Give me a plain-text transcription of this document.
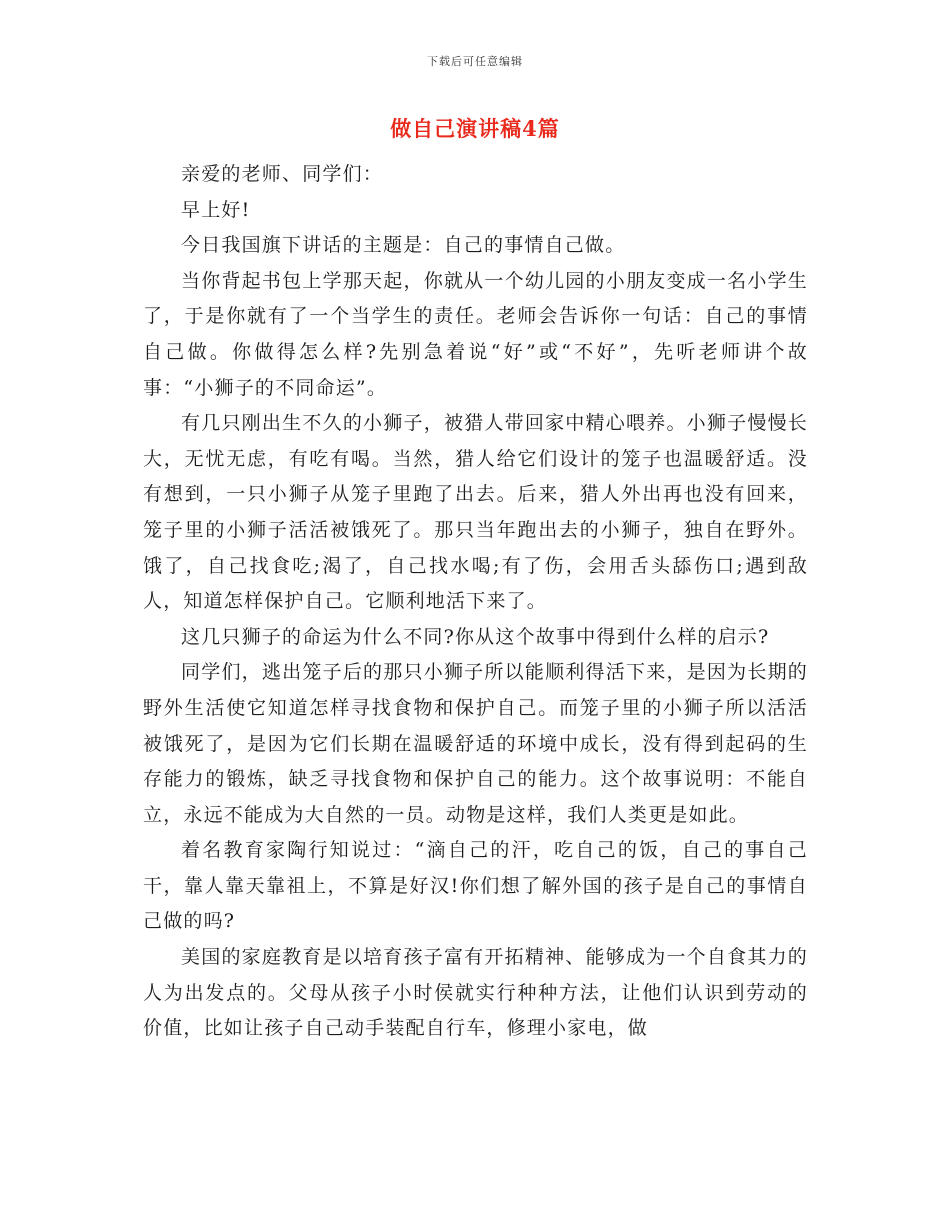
下载后可任意编辑
做自己演讲稿4篇

亲爱的老师、同学们：

早上好!

今日我国旗下讲话的主题是：自己的事情自己做。

当你背起书包上学那天起，你就从一个幼儿园的小朋友变成一名小学生了，于是你就有了一个当学生的责任。老师会告诉你一句话：自己的事情自己做。你做得怎么样?先别急着说“好”或“不好”，先听老师讲个故事：“小狮子的不同命运”。

有几只刚出生不久的小狮子，被猎人带回家中精心喂养。小狮子慢慢长大，无忧无虑，有吃有喝。当然，猎人给它们设计的笼子也温暖舒适。没有想到，一只小狮子从笼子里跑了出去。后来，猎人外出再也没有回来，笼子里的小狮子活活被饿死了。那只当年跑出去的小狮子，独自在野外。饿了，自己找食吃;渴了，自己找水喝;有了伤，会用舌头舔伤口;遇到敌人，知道怎样保护自己。它顺利地活下来了。

这几只狮子的命运为什么不同?你从这个故事中得到什么样的启示?

同学们，逃出笼子后的那只小狮子所以能顺利得活下来，是因为长期的野外生活使它知道怎样寻找食物和保护自己。而笼子里的小狮子所以活活被饿死了，是因为它们长期在温暖舒适的环境中成长，没有得到起码的生存能力的锻炼，缺乏寻找食物和保护自己的能力。这个故事说明：不能自立，永远不能成为大自然的一员。动物是这样，我们人类更是如此。

着名教育家陶行知说过：“滴自己的汗，吃自己的饭，自己的事自己干，靠人靠天靠祖上，不算是好汉!你们想了解外国的孩子是自己的事情自己做的吗?

美国的家庭教育是以培育孩子富有开拓精神、能够成为一个自食其力的人为出发点的。父母从孩子小时侯就实行种种方法，让他们认识到劳动的价值，比如让孩子自己动手装配自行车，修理小家电，做
